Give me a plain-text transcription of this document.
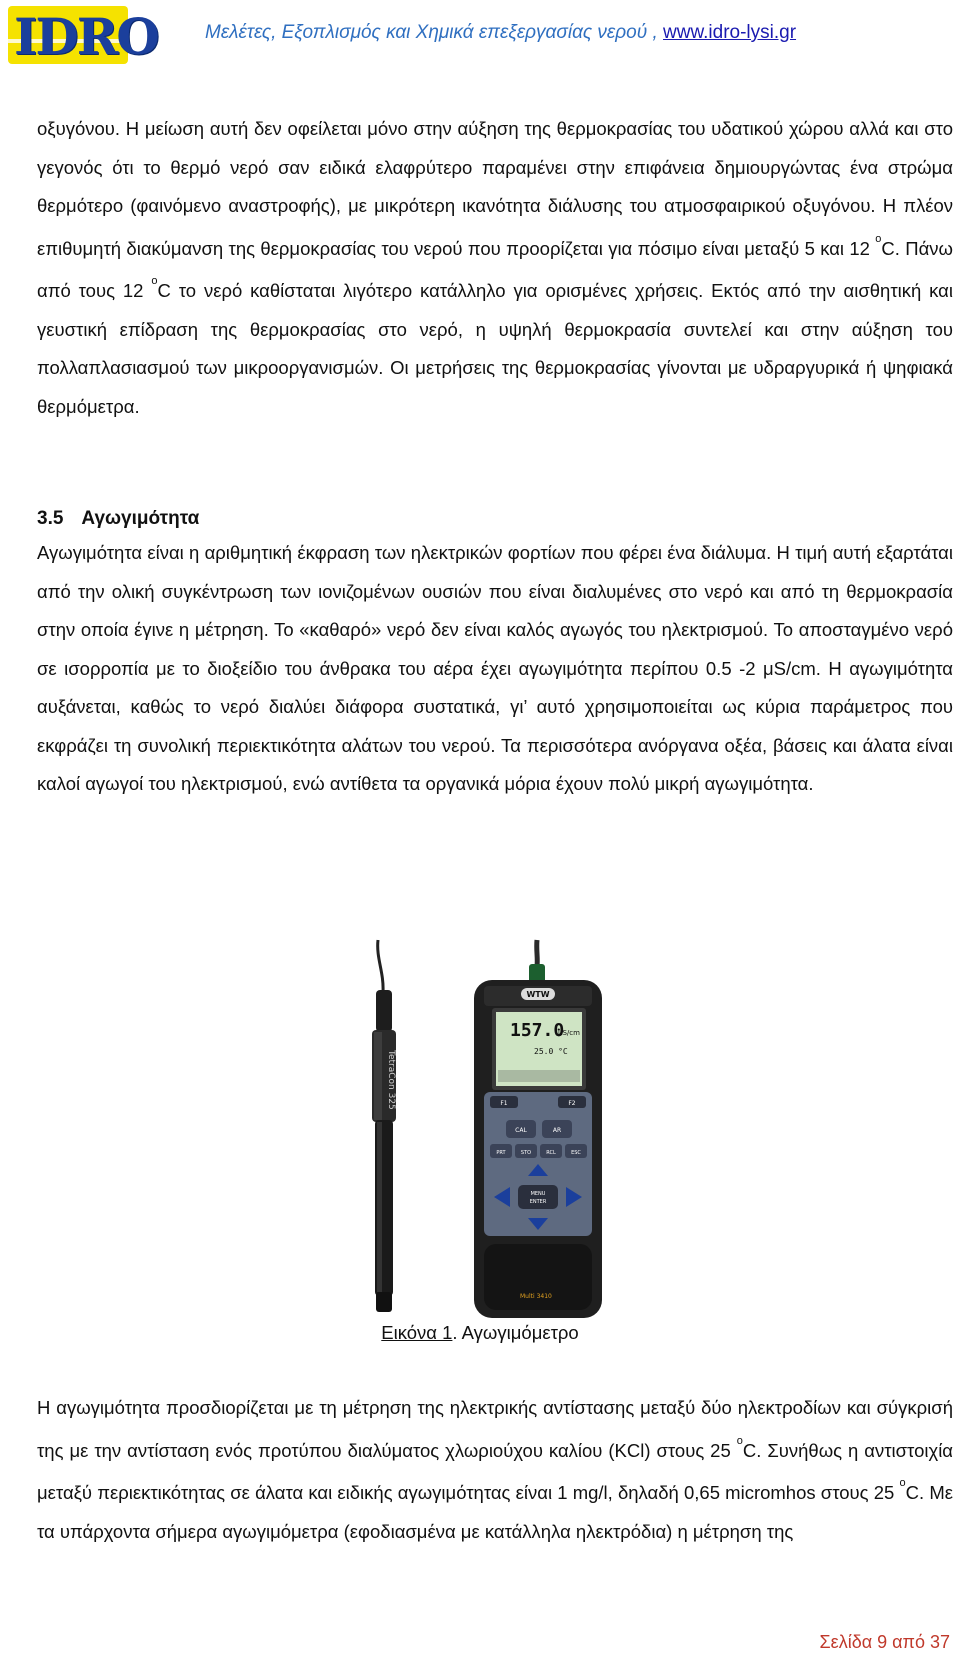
IDRO Μελέτες, Εξοπλισμός και Χημικά επεξεργασίας νερού , www.idro-lysi.gr

οξυγόνου. Η μείωση αυτή δεν οφείλεται μόνο στην αύξηση της θερμοκρασίας του υδατικού χώρου αλλά και στο γεγονός ότι το θερμό νερό σαν ειδικά ελαφρύτερο παραμένει στην επιφάνεια δημιουργώντας ένα στρώμα θερμότερο (φαινόμενο αναστροφής), με μικρότερη ικανότητα διάλυσης του ατμοσφαιρικού οξυγόνου. Η πλέον επιθυμητή διακύμανση της θερμοκρασίας του νερού που προορίζεται για πόσιμο είναι μεταξύ 5 και 12 $^o$C. Πάνω από τους 12 $^o$C το νερό καθίσταται λιγότερο κατάλληλο για ορισμένες χρήσεις. Εκτός από την αισθητική και γευστική επίδραση της θερμοκρασίας στο νερό, η υψηλή θερμοκρασία συντελεί και στην αύξηση του πολλαπλασιασμού των μικροοργανισμών. Οι μετρήσεις της θερμοκρασίας γίνονται με υδραργυρικά ή ψηφιακά θερμόμετρα.

3.5 Αγωγιμότητα

Αγωγιμότητα είναι η αριθμητική έκφραση των ηλεκτρικών φορτίων που φέρει ένα διάλυμα. Η τιμή αυτή εξαρτάται από την ολική συγκέντρωση των ιονιζομένων ουσιών που είναι διαλυμένες στο νερό και από τη θερμοκρασία στην οποία έγινε η μέτρηση. Το «καθαρό» νερό δεν είναι καλός αγωγός του ηλεκτρισμού. Το αποσταγμένο νερό σε ισορροπία με το διοξείδιο του άνθρακα του αέρα έχει αγωγιμότητα περίπου 0.5 -2 μS/cm. Η αγωγιμότητα αυξάνεται, καθώς το νερό διαλύει διάφορα συστατικά, γι’ αυτό χρησιμοποιείται ως κύρια παράμετρος που εκφράζει τη συνολική περιεκτικότητα αλάτων του νερού. Τα περισσότερα ανόργανα οξέα, βάσεις και άλατα είναι καλοί αγωγοί του ηλεκτρισμού, ενώ αντίθετα τα οργανικά μόρια έχουν πολύ μικρή αγωγιμότητα.

TetraCon 325
WTW
157.0
µS/cm
25.0 °C
F1	F2
CAL	AR
PRT	STO	RCL	ESC
MENU
ENTER
Multi 3410
Εικόνα 1. Αγωγιμόμετρο

Η αγωγιμότητα προσδιορίζεται με τη μέτρηση της ηλεκτρικής αντίστασης μεταξύ δύο ηλεκτροδίων και σύγκρισή της με την αντίσταση ενός προτύπου διαλύματος χλωριούχου καλίου (KCl) στους 25 $^o$C. Συνήθως η αντιστοιχία μεταξύ περιεκτικότητας σε άλατα και ειδικής αγωγιμότητας είναι 1 mg/l, δηλαδή 0,65 micromhos στους 25 $^o$C. Με τα υπάρχοντα σήμερα αγωγιμόμετρα (εφοδιασμένα με κατάλληλα ηλεκτρόδια) η μέτρηση της

Σελίδα 9 από 37
